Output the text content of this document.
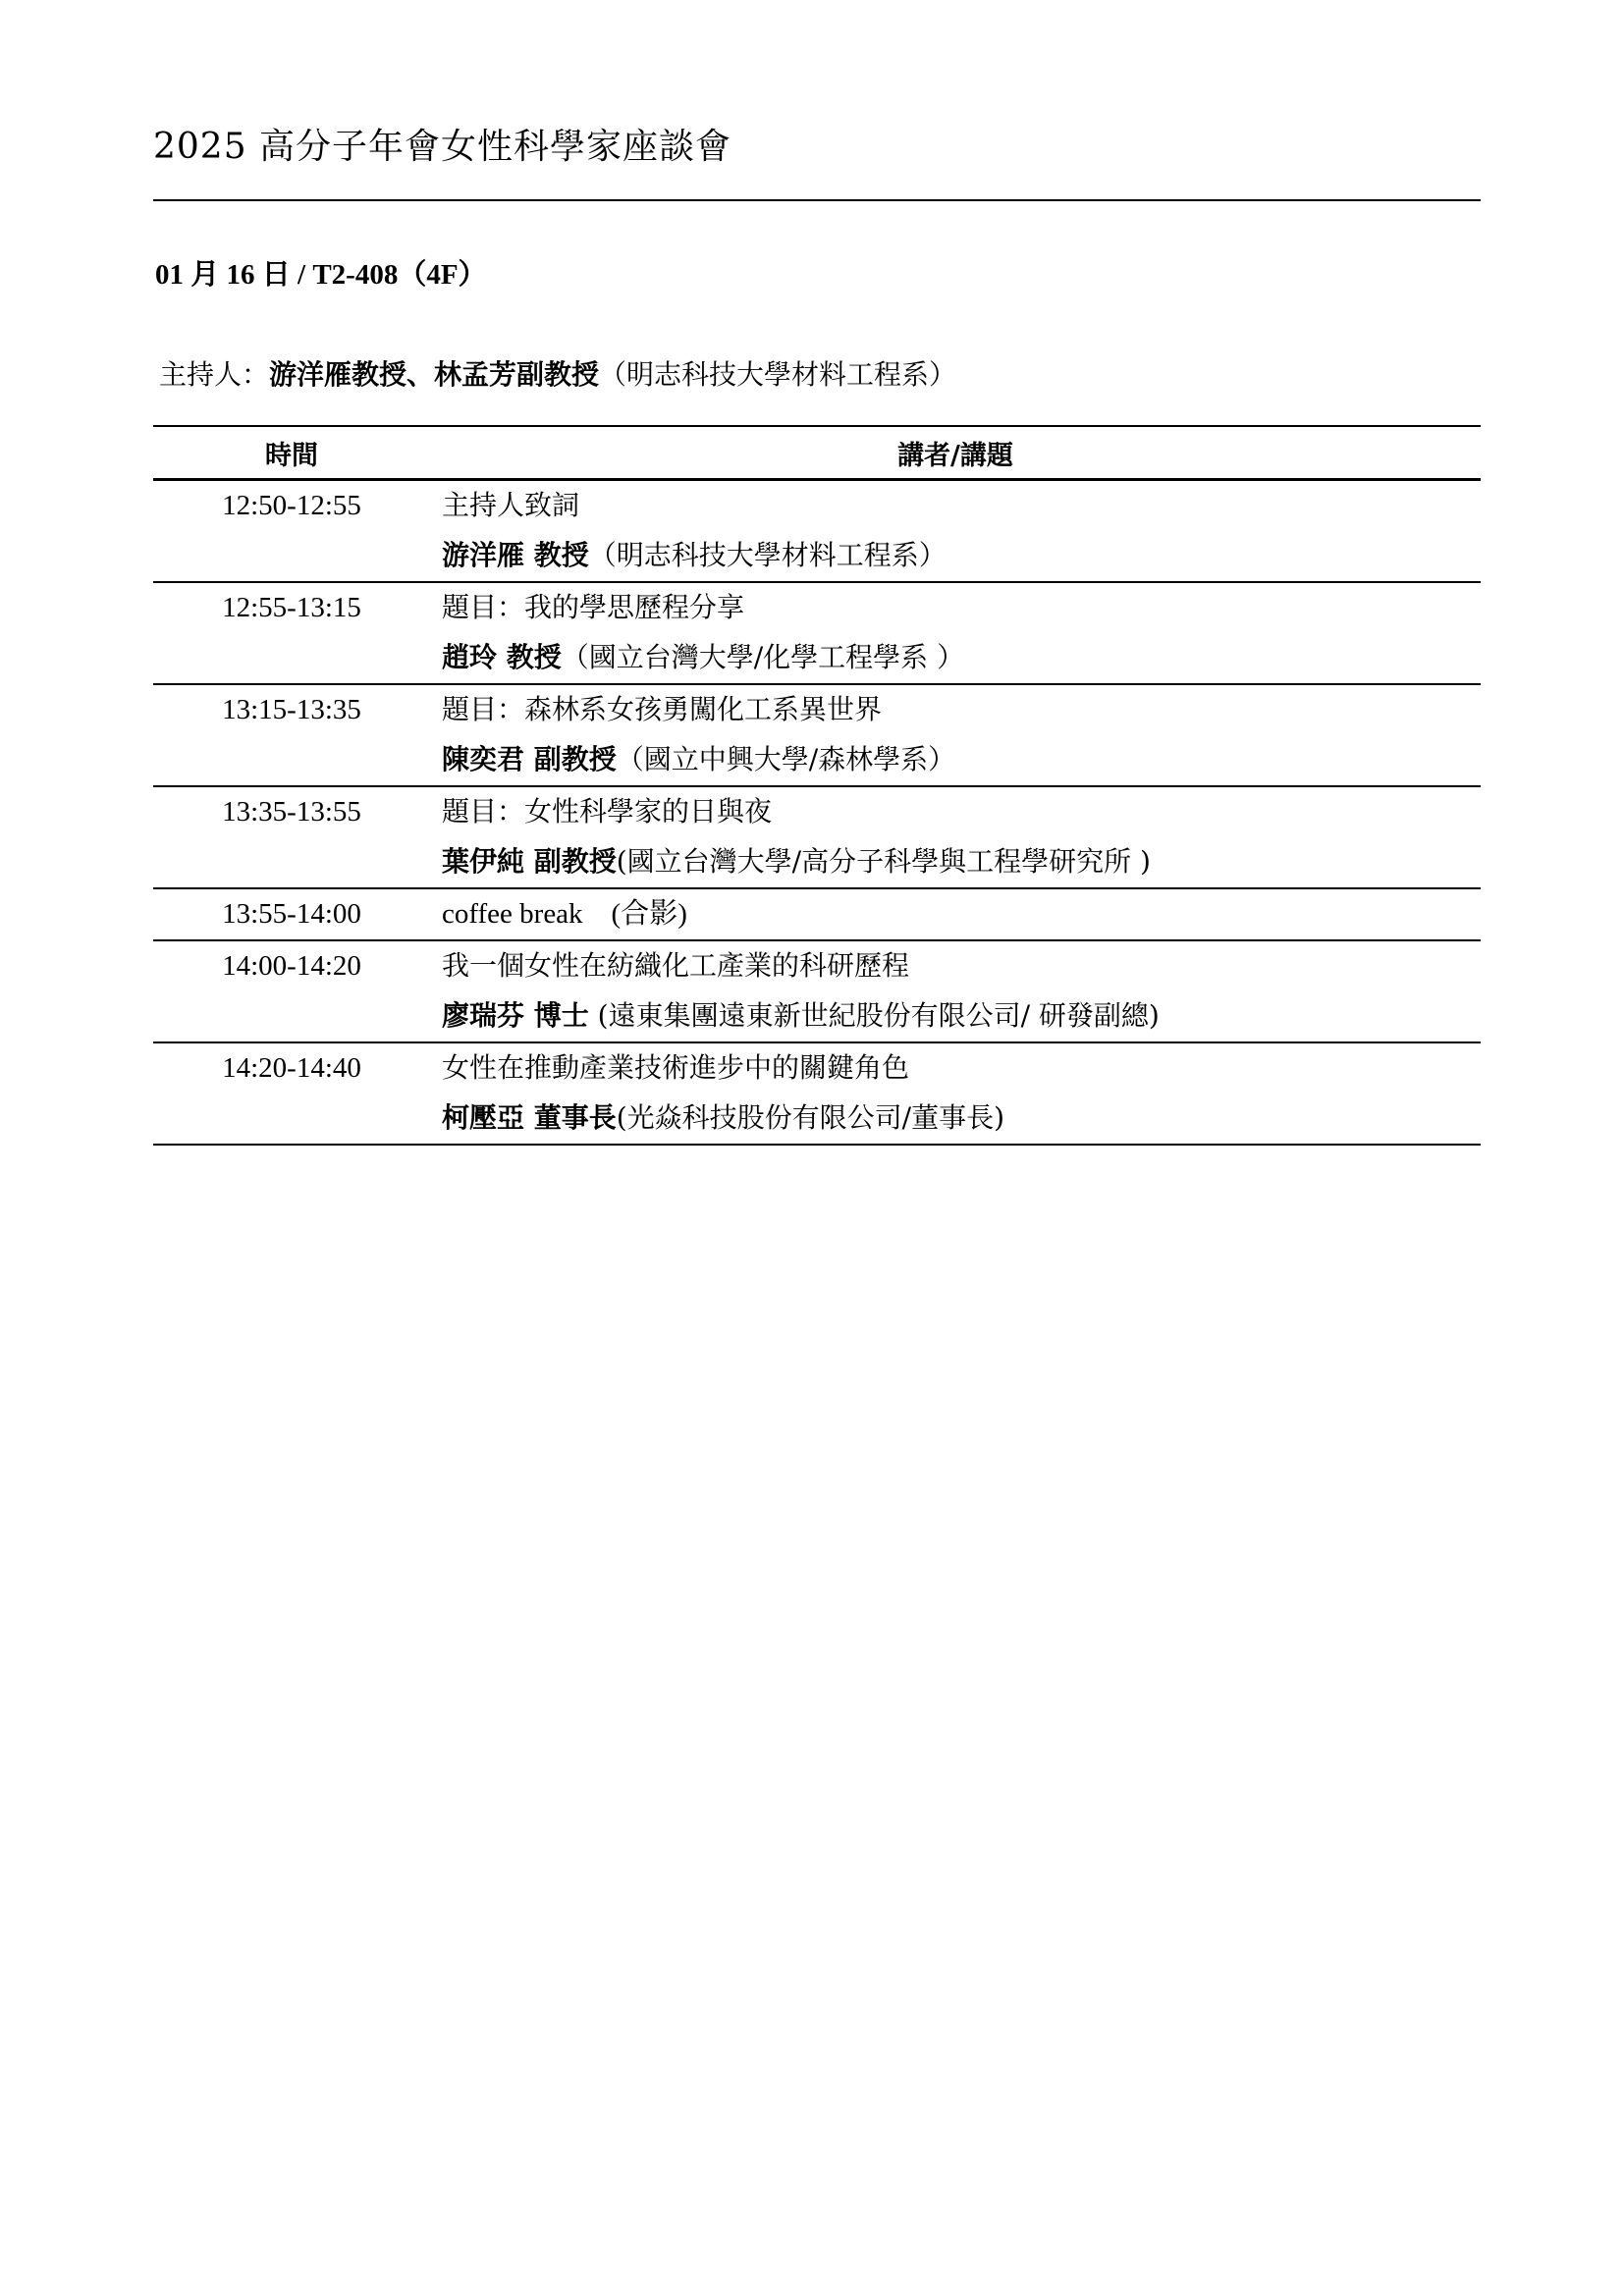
2025 高分子年會女性科學家座談會
01 月 16 日 / T2-408（4F）
主持人：游洋雁教授、林孟芳副教授（明志科技大學材料工程系）
時間	講者/講題
12:50-12:55	主持人致詞
游洋雁 教授（明志科技大學材料工程系）

12:55-13:15	題目：我的學思歷程分享
趙玲 教授（國立台灣大學/化學工程學系 ）

13:15-13:35	題目：森林系女孩勇闖化工系異世界
陳奕君 副教授（國立中興大學/森林學系）

13:35-13:55	題目：女性科學家的日與夜
葉伊純 副教授(國立台灣大學/高分子科學與工程學研究所 )

13:55-14:00	coffee break　(合影)

14:00-14:20	我一個女性在紡織化工產業的科研歷程
廖瑞芬 博士 (遠東集團遠東新世紀股份有限公司/ 研發副總)

14:20-14:40	女性在推動產業技術進步中的關鍵角色
柯壓亞 董事長(光焱科技股份有限公司/董事長)
